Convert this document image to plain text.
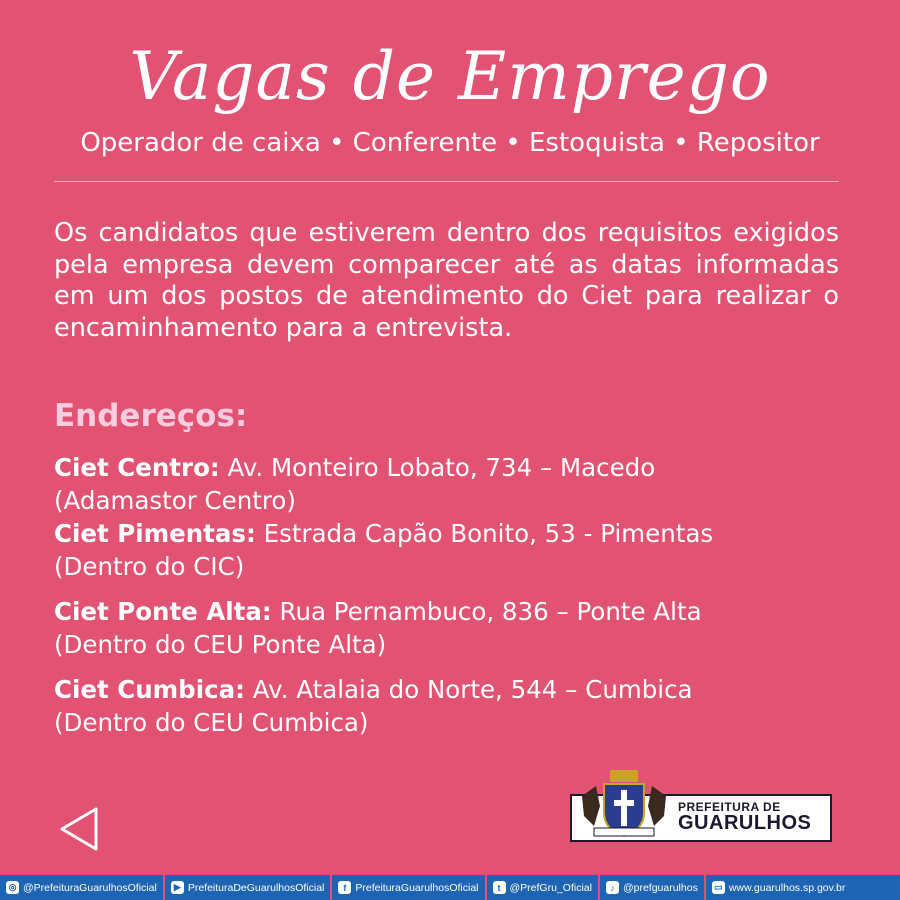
Vagas de Emprego
Operador de caixa • Conferente • Estoquista • Repositor
Os candidatos que estiverem dentro dos requisitos exigidos pela empresa devem comparecer até as datas informadas em um dos postos de atendimento do Ciet para realizar o encaminhamento para a entrevista.
Endereços:
Ciet Centro: Av. Monteiro Lobato, 734 – Macedo
(Adamastor Centro)
Ciet Pimentas: Estrada Capão Bonito, 53 - Pimentas
(Dentro do CIC)
Ciet Ponte Alta: Rua Pernambuco, 836 – Ponte Alta
(Dentro do CEU Ponte Alta)
Ciet Cumbica: Av. Atalaia do Norte, 544 – Cumbica
(Dentro do CEU Cumbica)
PREFEITURA DE
GUARULHOS
◎ @PrefeituraGuarulhosOficial	▶ PrefeituraDeGuarulhosOficial	f PrefeituraGuarulhosOficial	t @PrefGru_Oficial	♪ @prefguarulhos ▭ www.guarulhos.sp.gov.br
